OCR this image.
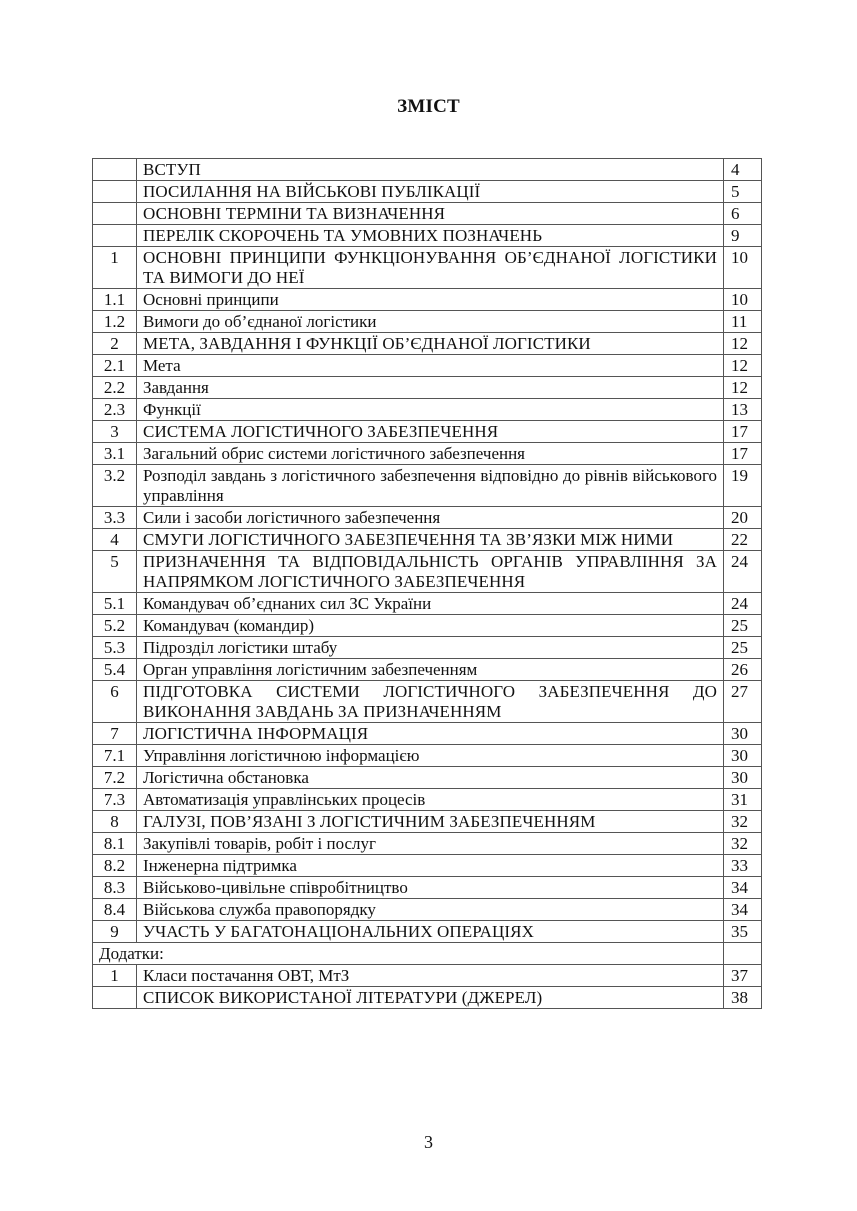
ЗМІСТ
	ВСТУП	4
	ПОСИЛАННЯ НА ВІЙСЬКОВІ ПУБЛІКАЦІЇ	5
	ОСНОВНІ ТЕРМІНИ ТА ВИЗНАЧЕННЯ	6
	ПЕРЕЛІК СКОРОЧЕНЬ ТА УМОВНИХ ПОЗНАЧЕНЬ	9
1	ОСНОВНІ ПРИНЦИПИ ФУНКЦІОНУВАННЯ ОБ’ЄДНАНОЇ ЛОГІСТИКИ ТА ВИМОГИ ДО НЕЇ	10
1.1	Основні принципи	10
1.2	Вимоги до об’єднаної логістики	11
2	МЕТА, ЗАВДАННЯ І ФУНКЦІЇ ОБ’ЄДНАНОЇ ЛОГІСТИКИ	12
2.1	Мета	12
2.2	Завдання	12
2.3	Функції	13
3	СИСТЕМА ЛОГІСТИЧНОГО ЗАБЕЗПЕЧЕННЯ	17
3.1	Загальний обрис системи логістичного забезпечення	17
3.2	Розподіл завдань з логістичного забезпечення відповідно до рівнів військового управління	19
3.3	Сили і засоби логістичного забезпечення	20
4	СМУГИ ЛОГІСТИЧНОГО ЗАБЕЗПЕЧЕННЯ ТА ЗВ’ЯЗКИ МІЖ НИМИ	22
5	ПРИЗНАЧЕННЯ ТА ВІДПОВІДАЛЬНІСТЬ ОРГАНІВ УПРАВЛІННЯ ЗА НАПРЯМКОМ ЛОГІСТИЧНОГО ЗАБЕЗПЕЧЕННЯ	24
5.1	Командувач об’єднаних сил ЗС України	24
5.2	Командувач (командир)	25
5.3	Підрозділ логістики штабу	25
5.4	Орган управління логістичним забезпеченням	26
6	ПІДГОТОВКА СИСТЕМИ ЛОГІСТИЧНОГО ЗАБЕЗПЕЧЕННЯ ДО ВИКОНАННЯ ЗАВДАНЬ ЗА ПРИЗНАЧЕННЯМ	27
7	ЛОГІСТИЧНА ІНФОРМАЦІЯ	30
7.1	Управління логістичною інформацією	30
7.2	Логістична обстановка	30
7.3	Автоматизація управлінських процесів	31
8	ГАЛУЗІ, ПОВ’ЯЗАНІ З ЛОГІСТИЧНИМ ЗАБЕЗПЕЧЕННЯМ	32
8.1	Закупівлі товарів, робіт і послуг	32
8.2	Інженерна підтримка	33
8.3	Військово-цивільне співробітництво	34
8.4	Військова служба правопорядку	34
9	УЧАСТЬ У БАГАТОНАЦІОНАЛЬНИХ ОПЕРАЦІЯХ	35
Додатки:		
1	Класи постачання ОВТ, МтЗ	37
	СПИСОК ВИКОРИСТАНОЇ ЛІТЕРАТУРИ (ДЖЕРЕЛ)	38
3
